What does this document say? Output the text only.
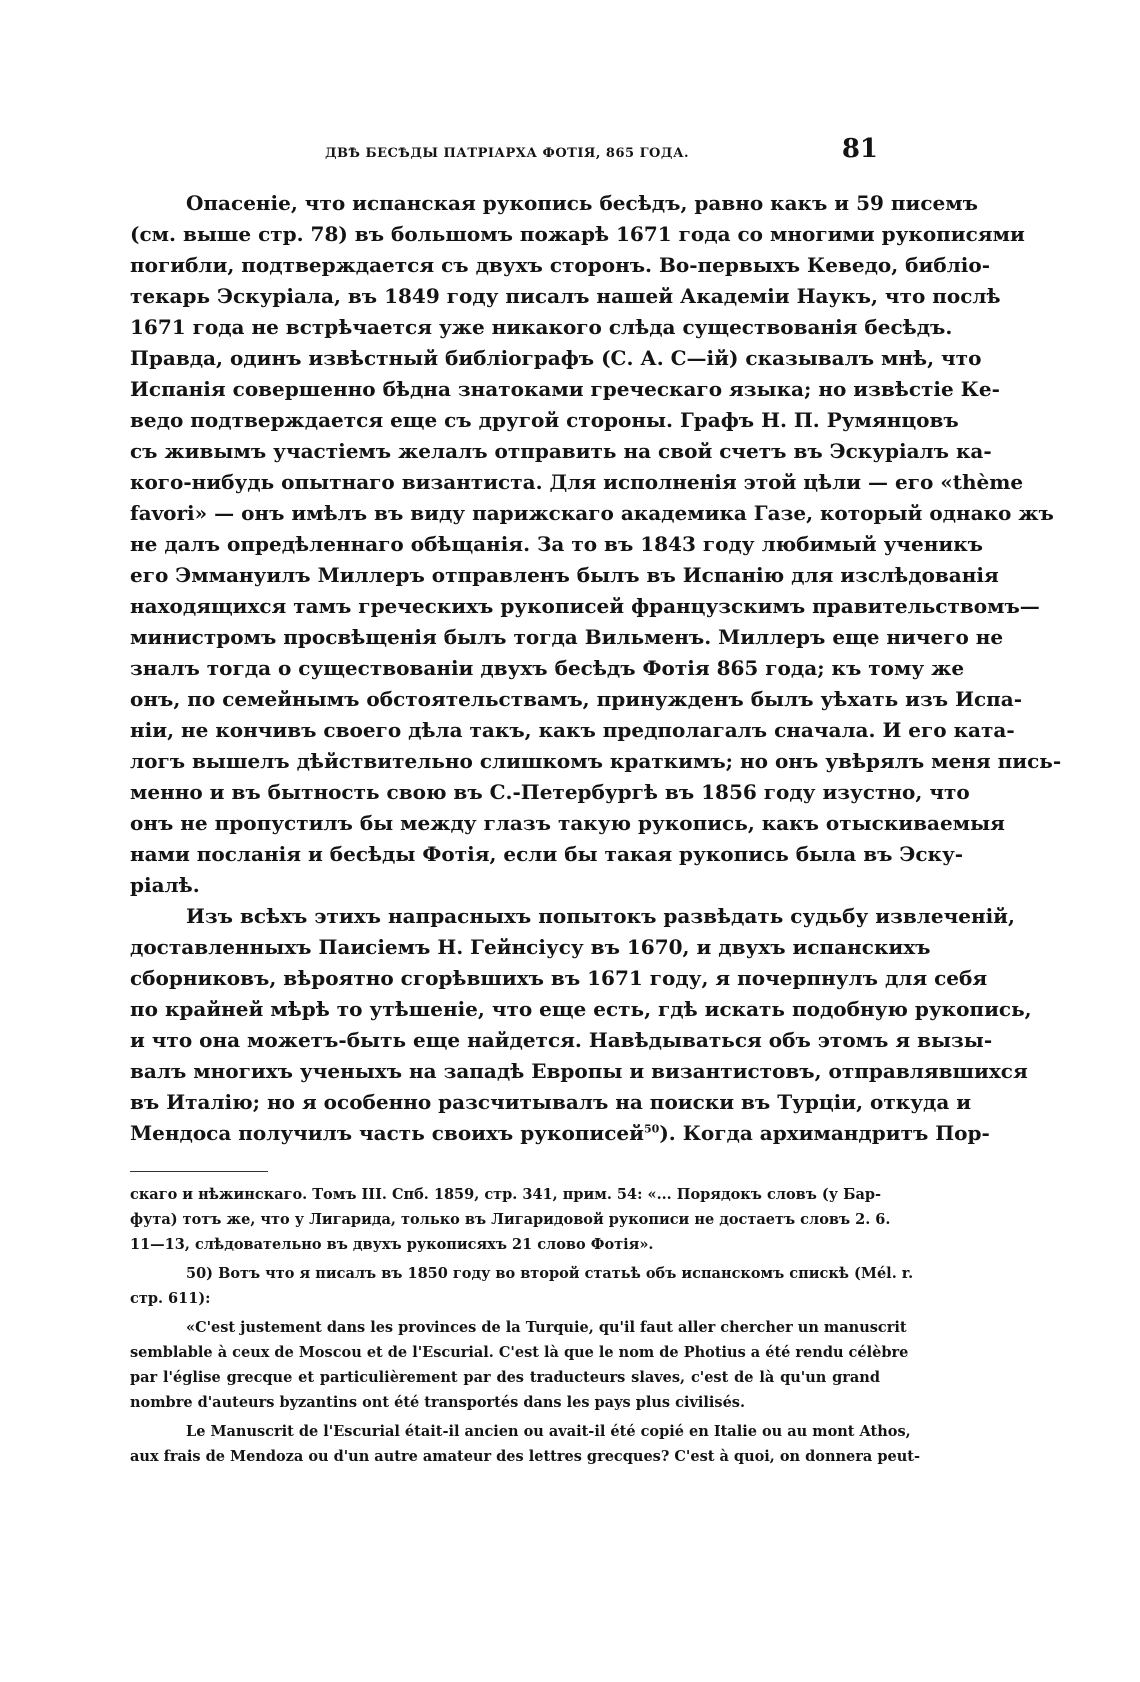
ДВѢ БЕСѢДЫ ПАТРІАРХА ФОТІЯ, 865 ГОДА.	81
Опасеніе, что испанская рукопись бесѣдъ, равно какъ и 59 писемъ
(см. выше стр. 78) въ большомъ пожарѣ 1671 года со многими рукописями
погибли, подтверждается съ двухъ сторонъ. Во-первыхъ Кеведо, библіо-
текарь Эскуріала, въ 1849 году писалъ нашей Академіи Наукъ, что послѣ
1671 года не встрѣчается уже никакого слѣда существованія бесѣдъ.
Правда, одинъ извѣстный библіографъ (С. А. С—ій) сказывалъ мнѣ, что
Испанія совершенно бѣдна знатоками греческаго языка; но извѣстіе Ке-
ведо подтверждается еще съ другой стороны. Графъ Н. П. Румянцовъ
съ живымъ участіемъ желалъ отправить на свой счетъ въ Эскуріалъ ка-
кого-нибудь опытнаго византиста. Для исполненія этой цѣли — его «thème
favori» — онъ имѣлъ въ виду парижскаго академика Газе, который однако жъ
не далъ опредѣленнаго обѣщанія. За то въ 1843 году любимый ученикъ
его Эммануилъ Миллеръ отправленъ былъ въ Испанію для изслѣдованія
находящихся тамъ греческихъ рукописей французскимъ правительствомъ—
министромъ просвѣщенія былъ тогда Вильменъ. Миллеръ еще ничего не
зналъ тогда о существованіи двухъ бесѣдъ Фотія 865 года; къ тому же
онъ, по семейнымъ обстоятельствамъ, принужденъ былъ уѣхать изъ Испа-
ніи, не кончивъ своего дѣла такъ, какъ предполагалъ сначала. И его ката-
логъ вышелъ дѣйствительно слишкомъ краткимъ; но онъ увѣрялъ меня пись-
менно и въ бытность свою въ С.-Петербургѣ въ 1856 году изустно, что
онъ не пропустилъ бы между глазъ такую рукопись, какъ отыскиваемыя
нами посланія и бесѣды Фотія, если бы такая рукопись была въ Эску-
ріалѣ.
Изъ всѣхъ этихъ напрасныхъ попытокъ развѣдать судьбу извлеченій,
доставленныхъ Паисіемъ Н. Гейнсіусу въ 1670, и двухъ испанскихъ
сборниковъ, вѣроятно сгорѣвшихъ въ 1671 году, я почерпнулъ для себя
по крайней мѣрѣ то утѣшеніе, что еще есть, гдѣ искать подобную рукопись,
и что она можетъ-быть еще найдется. Навѣдываться объ этомъ я вызы-
валъ многихъ ученыхъ на западѣ Европы и византистовъ, отправлявшихся
въ Италію; но я особенно разсчитывалъ на поиски въ Турціи, откуда и
Мендоса получилъ часть своихъ рукописей$^{50}$). Когда архимандритъ Пор-
скаго и нѣжинскаго. Томъ III. Спб. 1859, стр. 341, прим. 54: «... Порядокъ словъ (у Бар-
фута) тотъ же, что у Лигарида, только въ Лигаридовой рукописи не достаетъ словъ 2. 6.
11—13, слѣдовательно въ двухъ рукописяхъ 21 слово Фотія».
50) Вотъ что я писалъ въ 1850 году во второй статьѣ объ испанскомъ спискѣ (Mél. r.
стр. 611):
«C'est justement dans les provinces de la Turquie, qu'il faut aller chercher un manuscrit
semblable à ceux de Moscou et de l'Escurial. C'est là que le nom de Photius a été rendu célèbre
par l'église grecque et particulièrement par des traducteurs slaves, c'est de là qu'un grand
nombre d'auteurs byzantins ont été transportés dans les pays plus civilisés.
Le Manuscrit de l'Escurial était-il ancien ou avait-il été copié en Italie ou au mont Athos,
aux frais de Mendoza ou d'un autre amateur des lettres grecques? C'est à quoi, on donnera peut-
